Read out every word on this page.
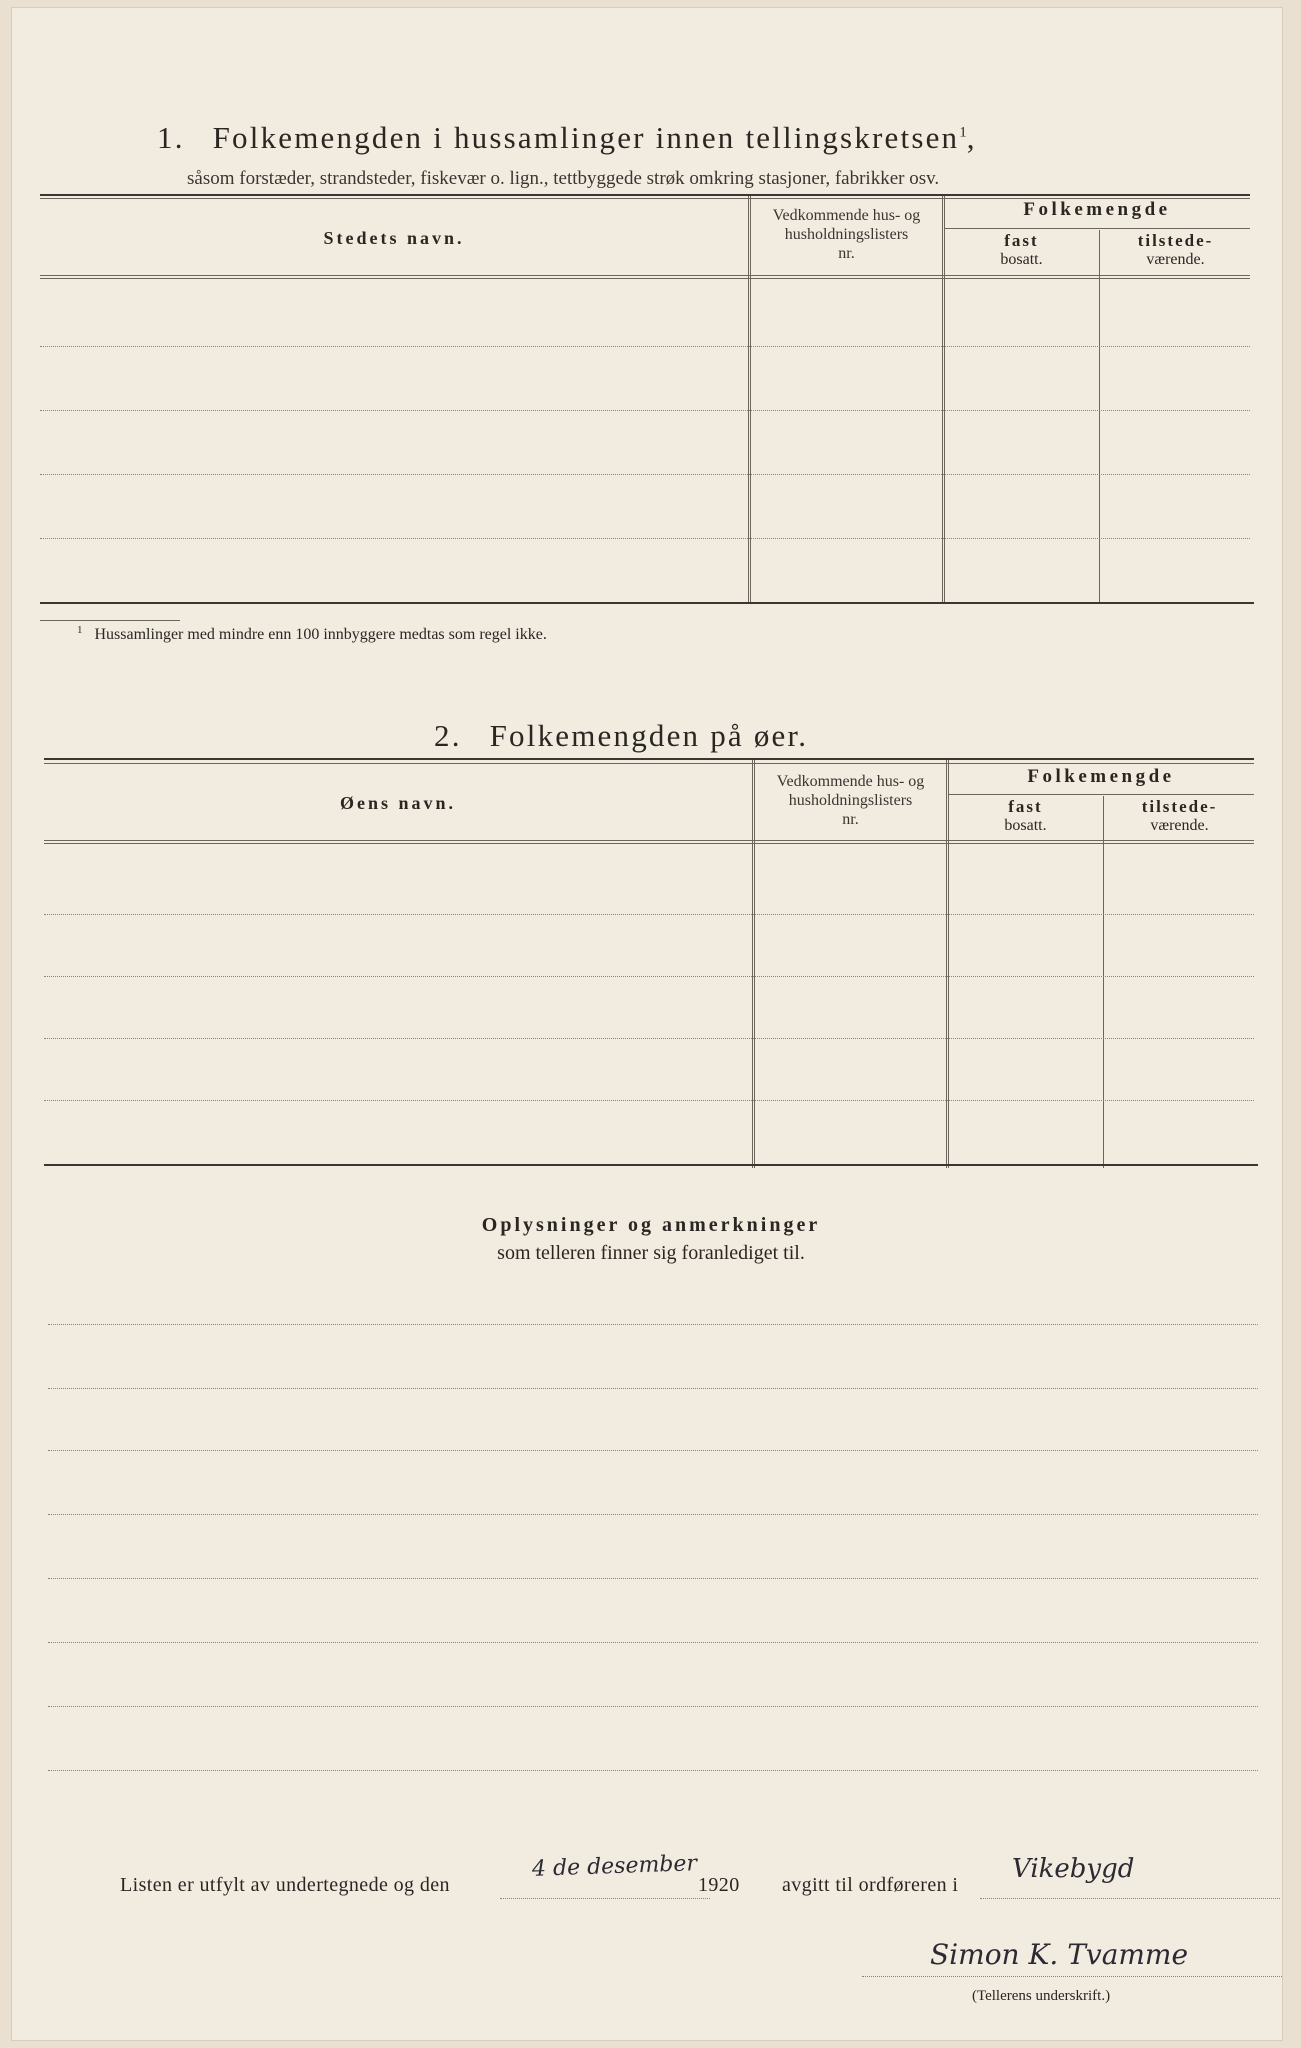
1. Folkemengden i hussamlinger innen tellingskretsen$^1$,
såsom forstæder, strandsteder, fiskevær o. lign., tettbyggede strøk omkring stasjoner, fabrikker osv.
Stedets navn.
Vedkommende hus- og
husholdningslisters
nr.
Folkemengde
fast
bosatt.
tilstede-
værende.
$^1$ Hussamlinger med mindre enn 100 innbyggere medtas som regel ikke.
2. Folkemengden på øer.
Øens navn.
Vedkommende hus- og
husholdningslisters
nr.
Folkemengde
fast
bosatt.
tilstede-
værende.
Oplysninger og anmerkninger
som telleren finner sig foranlediget til.
Listen er utfylt av undertegnede og den
4 de desember
1920 avgitt til ordføreren i
Vikebygd
Simon K. Tvamme
(Tellerens underskrift.)
